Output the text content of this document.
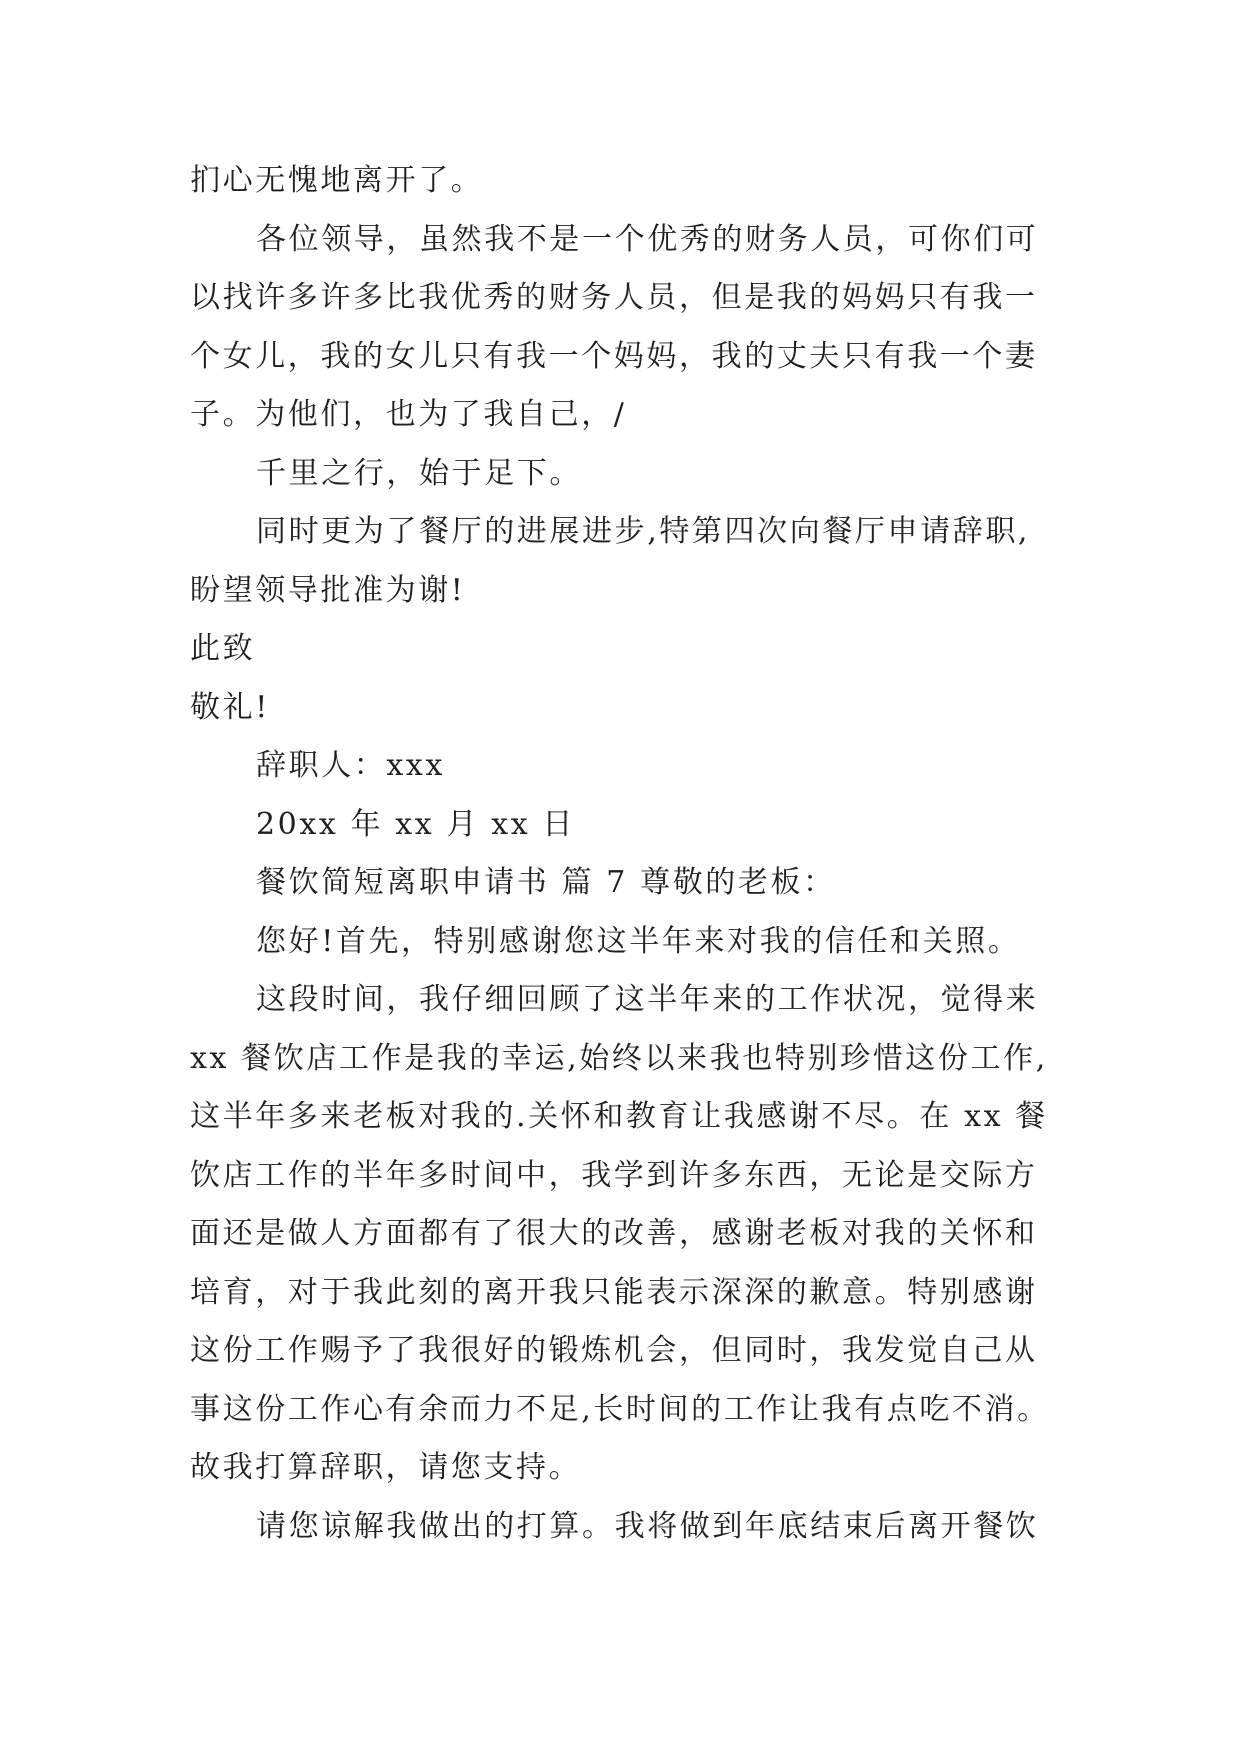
扪心无愧地离开了。
各位领导，虽然我不是一个优秀的财务人员，可你们可
以找许多许多比我优秀的财务人员，但是我的妈妈只有我一
个女儿，我的女儿只有我一个妈妈，我的丈夫只有我一个妻
子。为他们，也为了我自己，/
千里之行，始于足下。
同时更为了餐厅的进展进步,特第四次向餐厅申请辞职,
盼望领导批准为谢!
此致
敬礼!
辞职人：xxx
20xx 年 xx 月 xx 日
餐饮简短离职申请书 篇 7 尊敬的老板：
您好!首先，特别感谢您这半年来对我的信任和关照。
这段时间，我仔细回顾了这半年来的工作状况，觉得来
xx 餐饮店工作是我的幸运,始终以来我也特别珍惜这份工作,
这半年多来老板对我的.关怀和教育让我感谢不尽。在 xx 餐
饮店工作的半年多时间中，我学到许多东西，无论是交际方
面还是做人方面都有了很大的改善，感谢老板对我的关怀和
培育，对于我此刻的离开我只能表示深深的歉意。特别感谢
这份工作赐予了我很好的锻炼机会，但同时，我发觉自己从
事这份工作心有余而力不足,长时间的工作让我有点吃不消。
故我打算辞职，请您支持。
请您谅解我做出的打算。我将做到年底结束后离开餐饮
